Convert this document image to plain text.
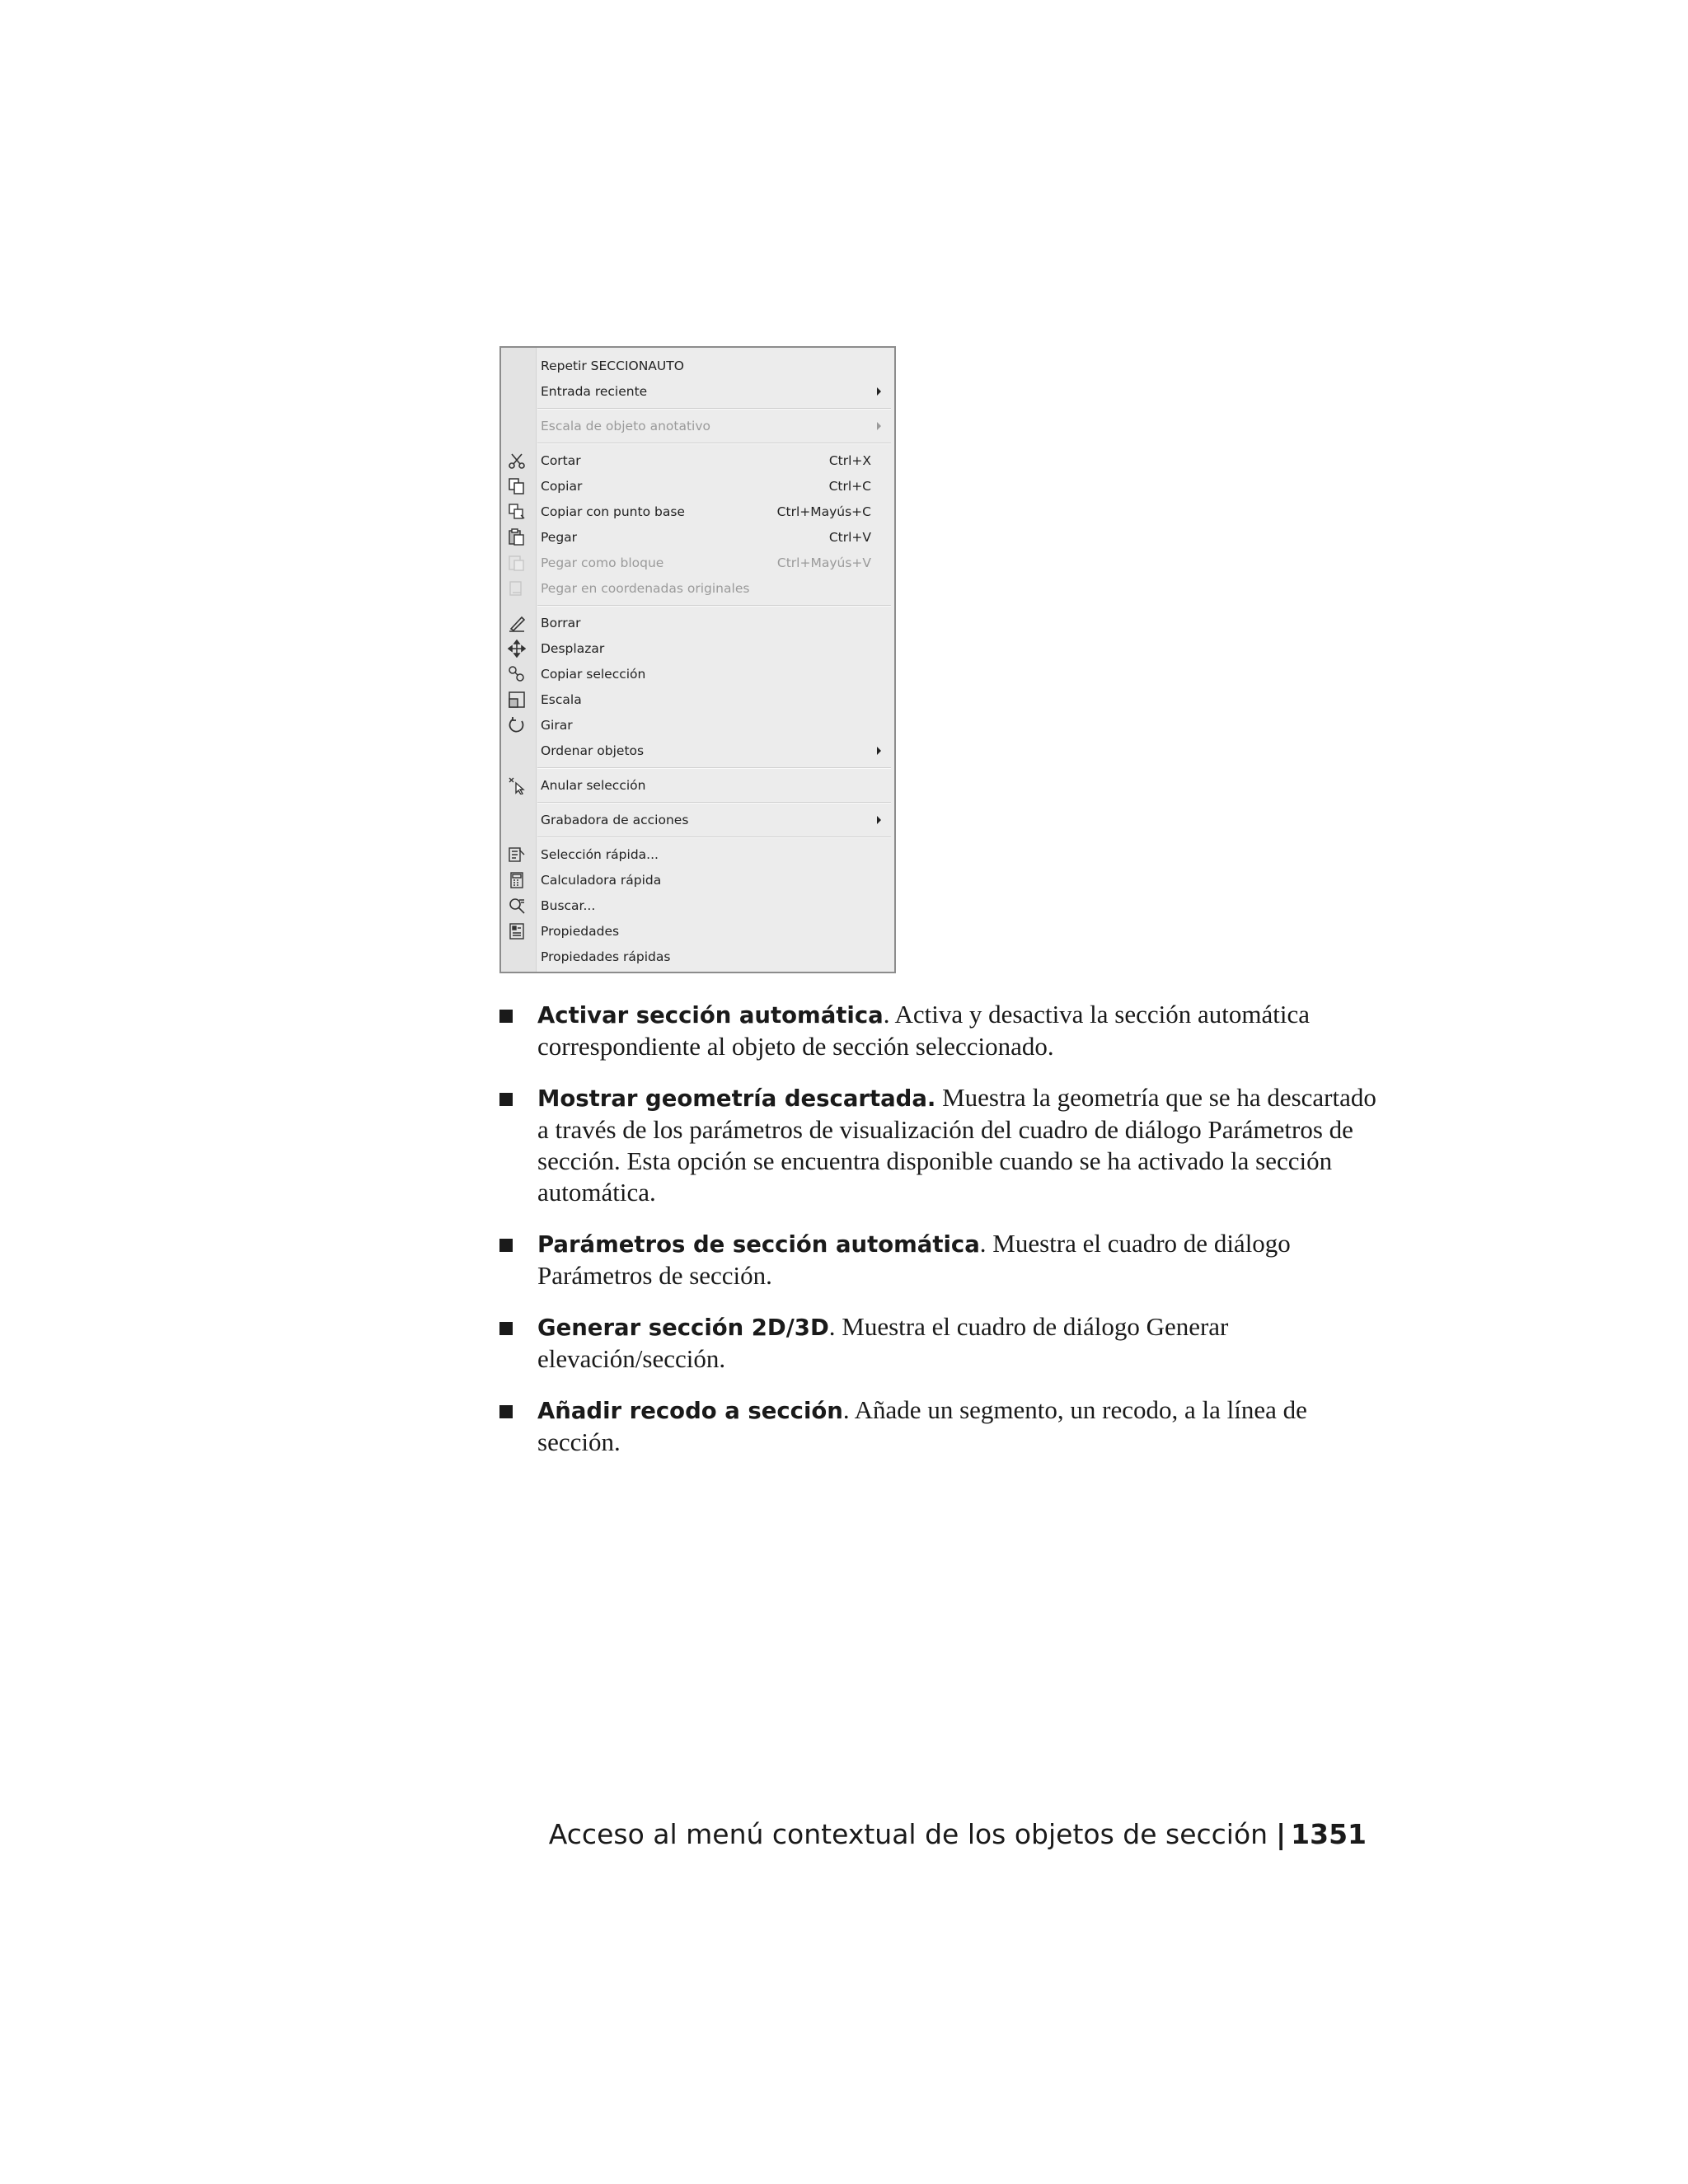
Repetir SECCIONAUTO
Entrada reciente
Escala de objeto anotativo
Cortar	Ctrl+X
Copiar	Ctrl+C
Copiar con punto base	Ctrl+Mayús+C
Pegar	Ctrl+V
Pegar como bloque	Ctrl+Mayús+V
Pegar en coordenadas originales
Borrar
Desplazar
Copiar selección
Escala
Girar
Ordenar objetos
Anular selección
Grabadora de acciones
Selección rápida...
Calculadora rápida
Buscar...
Propiedades
Propiedades rápidas
Activar sección automática. Activa y desactiva la sección automática correspondiente al objeto de sección seleccionado.
Mostrar geometría descartada. Muestra la geometría que se ha descartado a través de los parámetros de visualización del cuadro de diálogo Parámetros de sección. Esta opción se encuentra disponible cuando se ha activado la sección automática.
Parámetros de sección automática. Muestra el cuadro de diálogo Parámetros de sección.
Generar sección 2D/3D. Muestra el cuadro de diálogo Generar elevación/sección.
Añadir recodo a sección. Añade un segmento, un recodo, a la línea de sección.
Acceso al menú contextual de los objetos de sección | 1351
